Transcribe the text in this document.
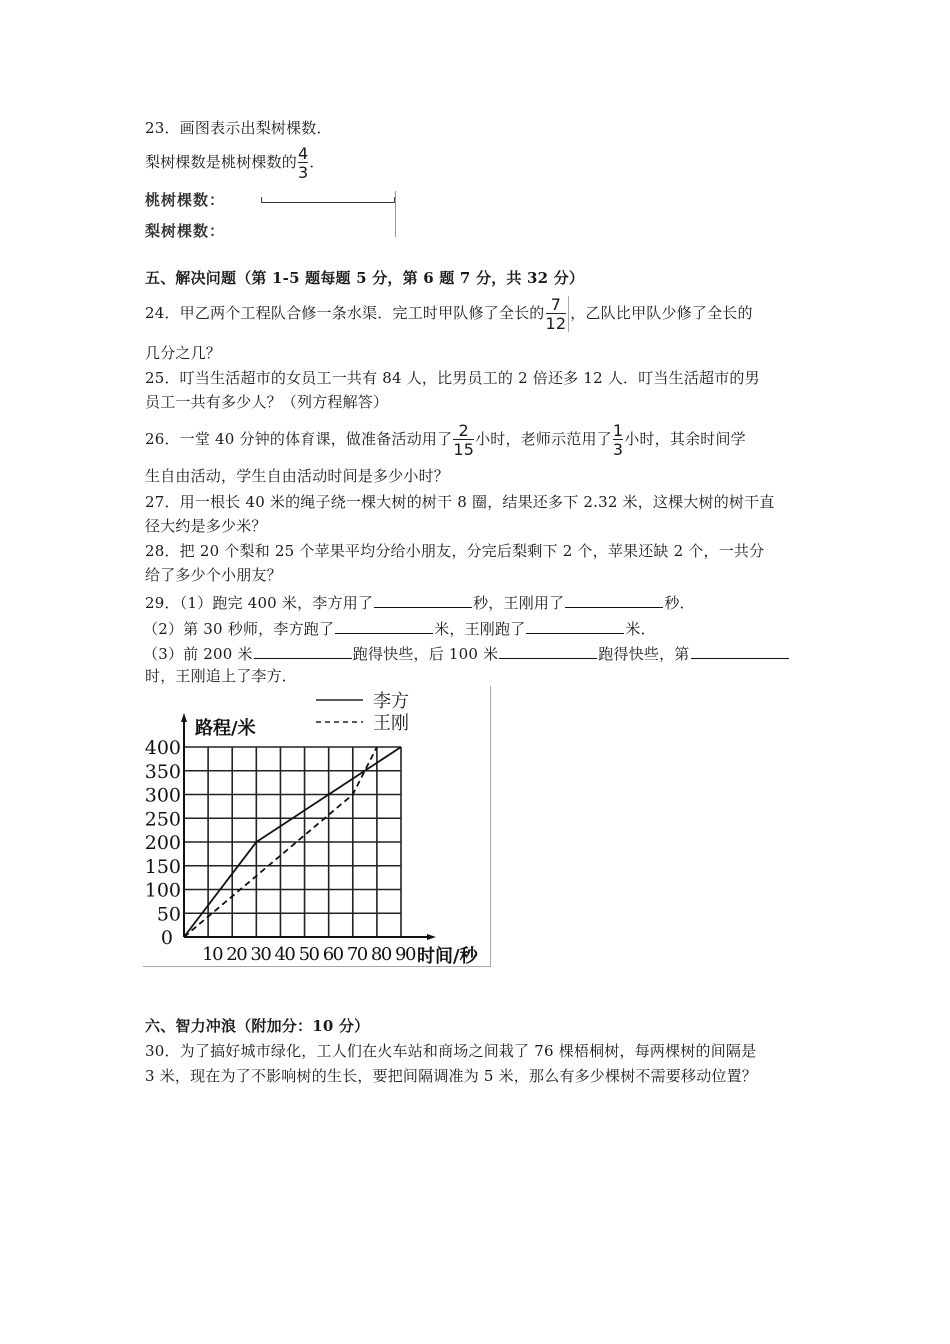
23．画图表示出梨树棵数．
梨树棵数是桃树棵数的 $\frac{4}{3}$ ．
桃树棵数：
梨树棵数：
五、解决问题（第 1-5 题每题 5 分，第 6 题 7 分，共 32 分）
24．甲乙两个工程队合修一条水渠．完工时甲队修了全长的 $\frac{7}{12}$ ，乙队比甲队少修了全长的
几分之几？
25．叮当生活超市的女员工一共有 84 人，比男员工的 2 倍还多 12 人．叮当生活超市的男
员工一共有多少人？（列方程解答）
26．一堂 40 分钟的体育课，做准备活动用了 $\frac{2}{15}$ 小时，老师示范用了 $\frac{1}{3}$ 小时，其余时间学
生自由活动，学生自由活动时间是多少小时？
27．用一根长 40 米的绳子绕一棵大树的树干 8 圈，结果还多下 2.32 米，这棵大树的树干直
径大约是多少米？
28．把 20 个梨和 25 个苹果平均分给小朋友，分完后梨剩下 2 个，苹果还缺 2 个，一共分
给了多少个小朋友？
29．（1）跑完 400 米，李方用了	秒，王刚用了	秒．
（2）第 30 秒师，李方跑了	米，王刚跑了	米．
（3）前 200 米	跑得快些，后 100 米	跑得快些，第
时，王刚追上了李方．
0
50
100
150
200
250
300
350
400
10 20 30 40 50 60 70 80 90
路程/米
时间/秒
李方
王刚
六、智力冲浪（附加分：10 分）
30．为了搞好城市绿化，工人们在火车站和商场之间栽了 76 棵梧桐树，每两棵树的间隔是
3 米，现在为了不影响树的生长，要把间隔调准为 5 米，那么有多少棵树不需要移动位置？
